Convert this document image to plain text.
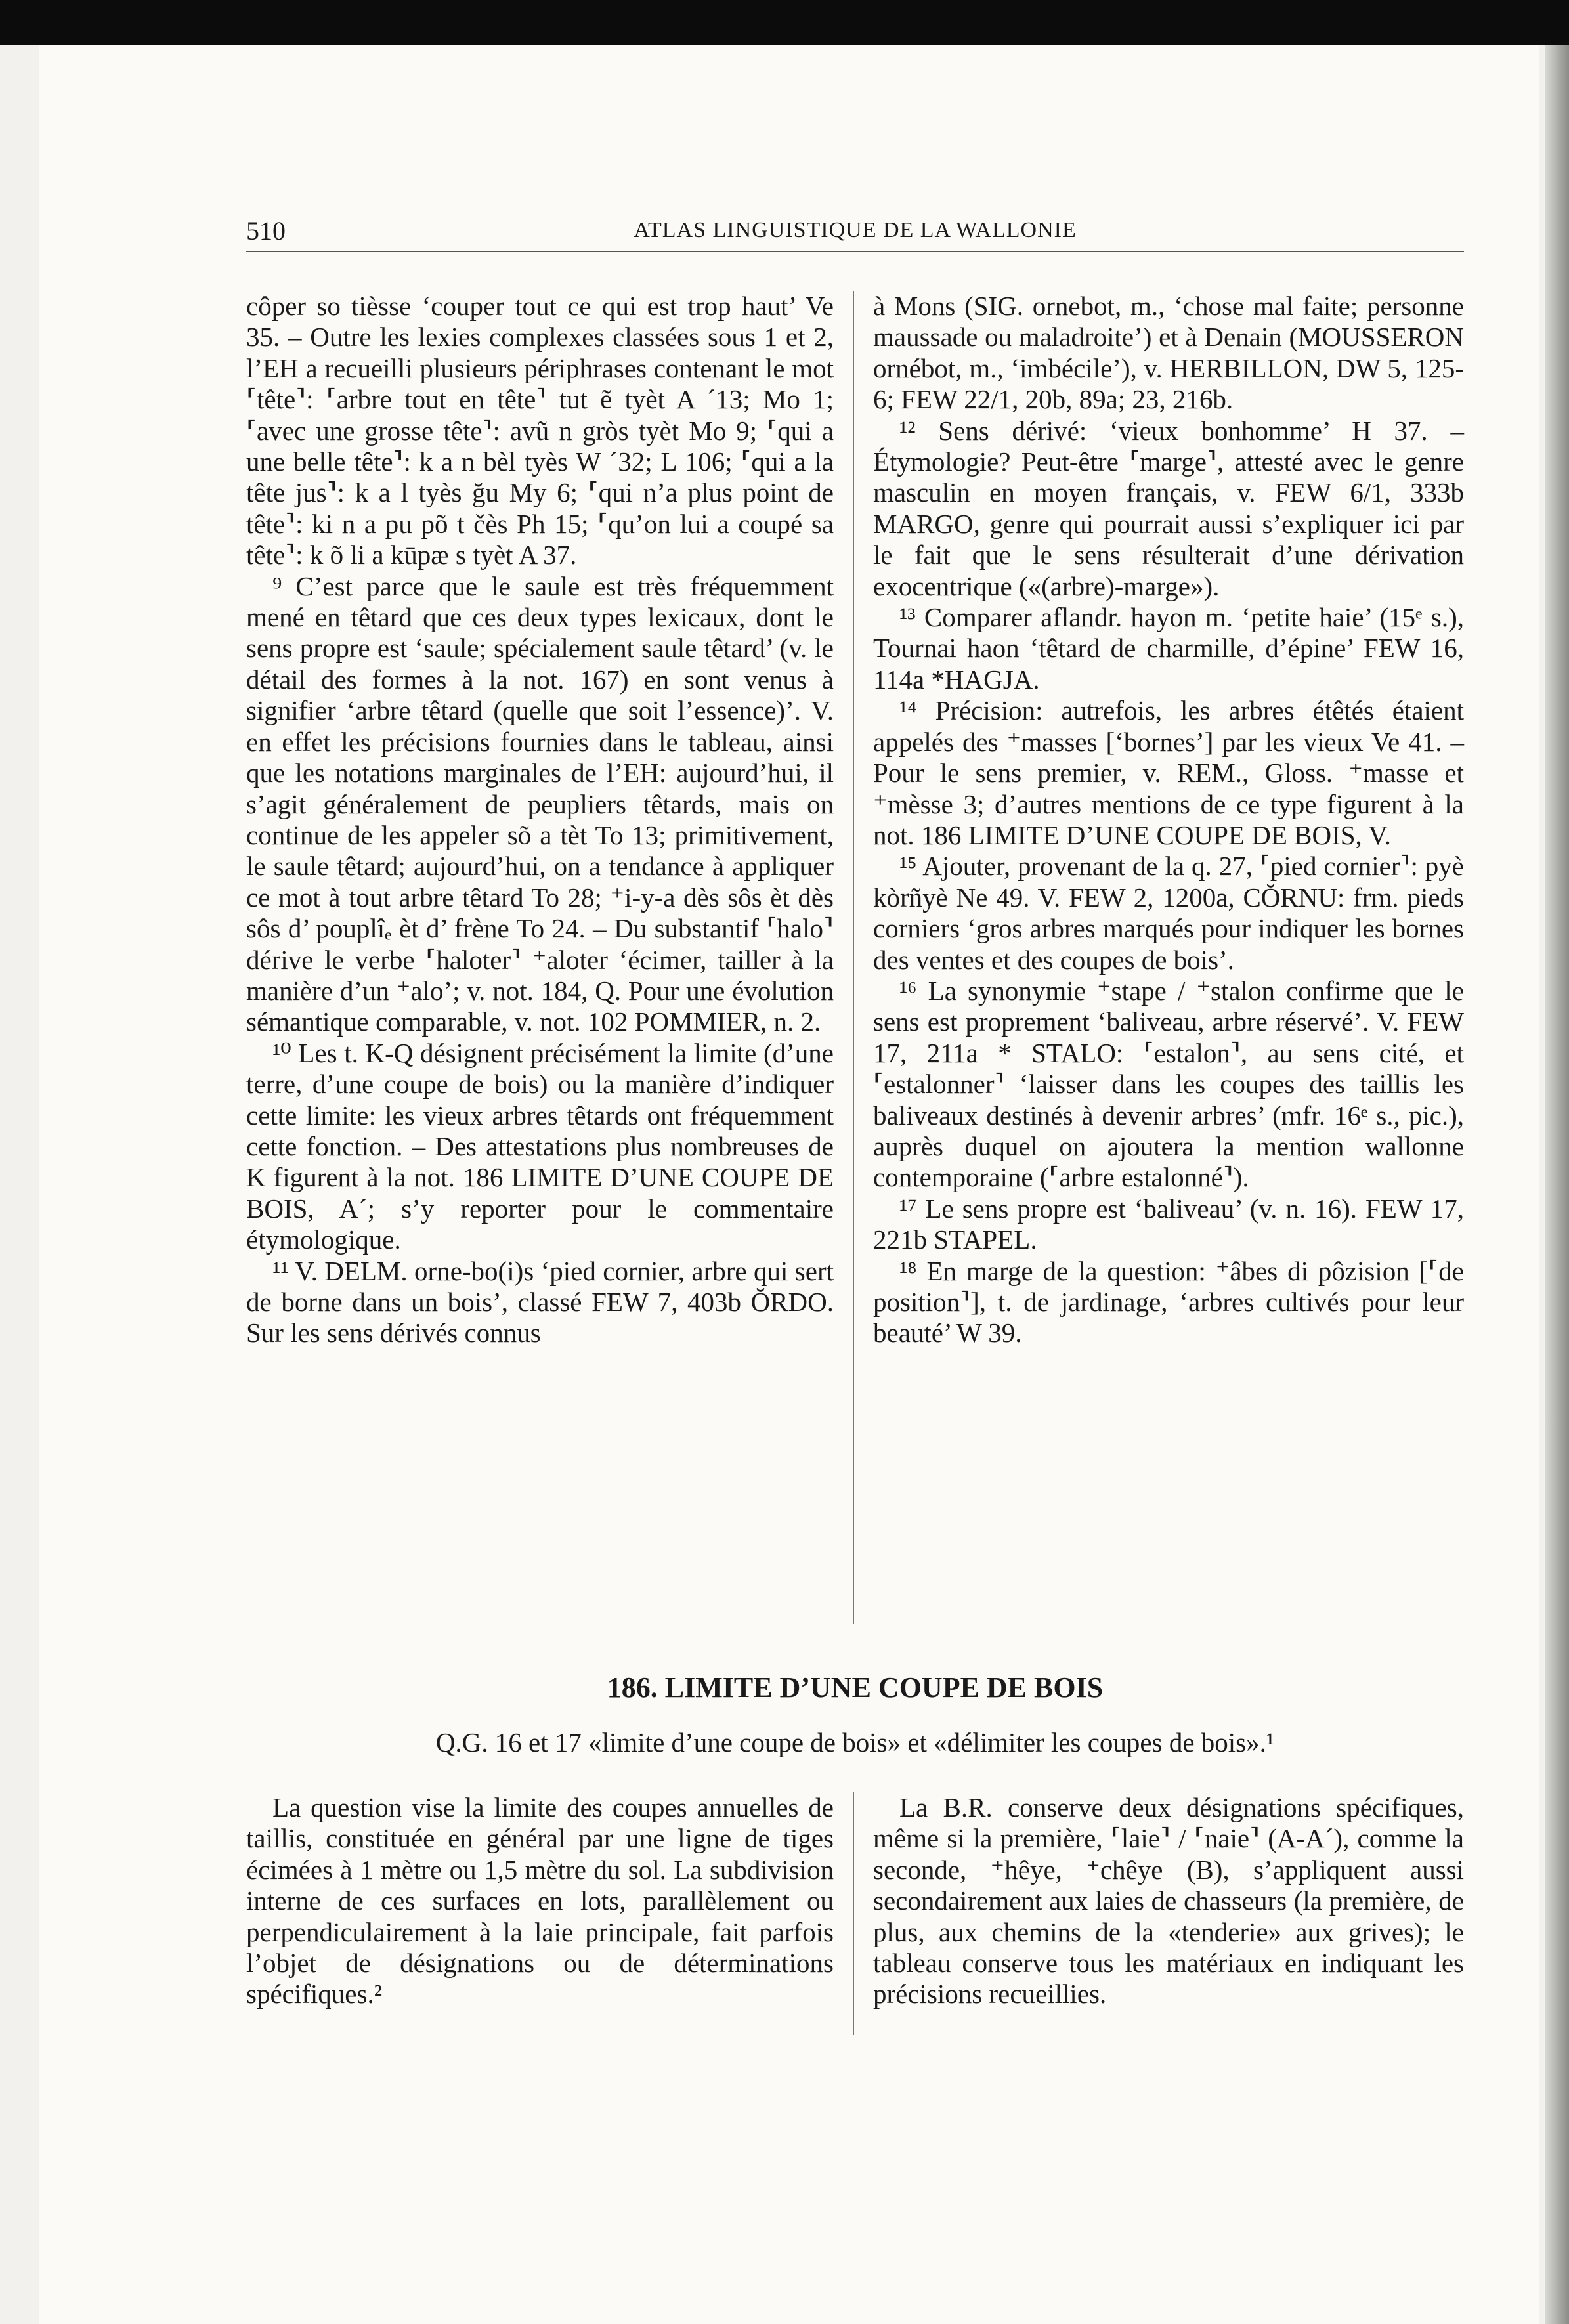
510	ATLAS LINGUISTIQUE DE LA WALLONIE

côper so tièsse ‘couper tout ce qui est trop haut’ Ve 35. – Outre les lexies complexes classées sous 1 et 2, l’EH a recueilli plusieurs périphrases contenant le mot ⸢tête⸣: ⸢arbre tout en tête⸣ tut ẽ tyèt A ´13; Mo 1; ⸢avec une grosse tête⸣: avũ n gròs tyèt Mo 9; ⸢qui a une belle tête⸣: k a n bèl tyès W ´32; L 106; ⸢qui a la tête jus⸣: k a l tyès ğu My 6; ⸢qui n’a plus point de tête⸣: ki n a pu põ t čès Ph 15; ⸢qu’on lui a coupé sa tête⸣: k õ li a kūpæ s tyèt A 37.

⁹ C’est parce que le saule est très fréquemment mené en têtard que ces deux types lexicaux, dont le sens propre est ‘saule; spécialement saule têtard’ (v. le détail des formes à la not. 167) en sont venus à signifier ‘arbre têtard (quelle que soit l’essence)’. V. en effet les précisions fournies dans le tableau, ainsi que les notations marginales de l’EH: aujourd’hui, il s’agit généralement de peupliers têtards, mais on continue de les appeler sõ a tèt To 13; primitivement, le saule têtard; aujourd’hui, on a tendance à appliquer ce mot à tout arbre têtard To 28; ⁺i-y-a dès sôs èt dès sôs d’ pouplîₑ èt d’ frène To 24. – Du substantif ⸢halo⸣ dérive le verbe ⸢haloter⸣ ⁺aloter ‘écimer, tailler à la manière d’un ⁺alo’; v. not. 184, Q. Pour une évolution sémantique comparable, v. not. 102 POMMIER, n. 2.

¹⁰ Les t. K-Q désignent précisément la limite (d’une terre, d’une coupe de bois) ou la manière d’indiquer cette limite: les vieux arbres têtards ont fréquemment cette fonction. – Des attestations plus nombreuses de K figurent à la not. 186 LIMITE D’UNE COUPE DE BOIS, A´; s’y reporter pour le commentaire étymologique.

¹¹ V. DELM. orne-bo(i)s ‘pied cornier, arbre qui sert de borne dans un bois’, classé FEW 7, 403b ŎRDO. Sur les sens dérivés connus

à Mons (SIG. ornebot, m., ‘chose mal faite; personne maussade ou maladroite’) et à Denain (MOUSSERON ornébot, m., ‘imbécile’), v. HERBILLON, DW 5, 125-6; FEW 22/1, 20b, 89a; 23, 216b.

¹² Sens dérivé: ‘vieux bonhomme’ H 37. – Étymologie? Peut-être ⸢marge⸣, attesté avec le genre masculin en moyen français, v. FEW 6/1, 333b MARGO, genre qui pourrait aussi s’expliquer ici par le fait que le sens résulterait d’une dérivation exocentrique («(arbre)-marge»).

¹³ Comparer aflandr. hayon m. ‘petite haie’ (15ᵉ s.), Tournai haon ‘têtard de charmille, d’épine’ FEW 16, 114a *HAGJA.

¹⁴ Précision: autrefois, les arbres étêtés étaient appelés des ⁺masses [‘bornes’] par les vieux Ve 41. – Pour le sens premier, v. REM., Gloss. ⁺masse et ⁺mèsse 3; d’autres mentions de ce type figurent à la not. 186 LIMITE D’UNE COUPE DE BOIS, V.

¹⁵ Ajouter, provenant de la q. 27, ⸢pied cornier⸣: pyè kòrñyè Ne 49. V. FEW 2, 1200a, CŎRNU: frm. pieds corniers ‘gros arbres marqués pour indiquer les bornes des ventes et des coupes de bois’.

¹⁶ La synonymie ⁺stape / ⁺stalon confirme que le sens est proprement ‘baliveau, arbre réservé’. V. FEW 17, 211a * STALO: ⸢estalon⸣, au sens cité, et ⸢estalonner⸣ ‘laisser dans les coupes des taillis les baliveaux destinés à devenir arbres’ (mfr. 16ᵉ s., pic.), auprès duquel on ajoutera la mention wallonne contemporaine (⸢arbre estalonné⸣).

¹⁷ Le sens propre est ‘baliveau’ (v. n. 16). FEW 17, 221b STAPEL.

¹⁸ En marge de la question: ⁺âbes di pôzision [⸢de position⸣], t. de jardinage, ‘arbres cultivés pour leur beauté’ W 39.

186. LIMITE D’UNE COUPE DE BOIS
Q.G. 16 et 17 «limite d’une coupe de bois» et «délimiter les coupes de bois».¹

La question vise la limite des coupes annuelles de taillis, constituée en général par une ligne de tiges écimées à 1 mètre ou 1,5 mètre du sol. La subdivision interne de ces surfaces en lots, parallèlement ou perpendiculairement à la laie principale, fait parfois l’objet de désignations ou de déterminations spécifiques.²

La B.R. conserve deux désignations spécifiques, même si la première, ⸢laie⸣ / ⸢naie⸣ (A-A´), comme la seconde, ⁺hêye, ⁺chêye (B), s’appliquent aussi secondairement aux laies de chasseurs (la première, de plus, aux chemins de la «tenderie» aux grives); le tableau conserve tous les matériaux en indiquant les précisions recueillies.
